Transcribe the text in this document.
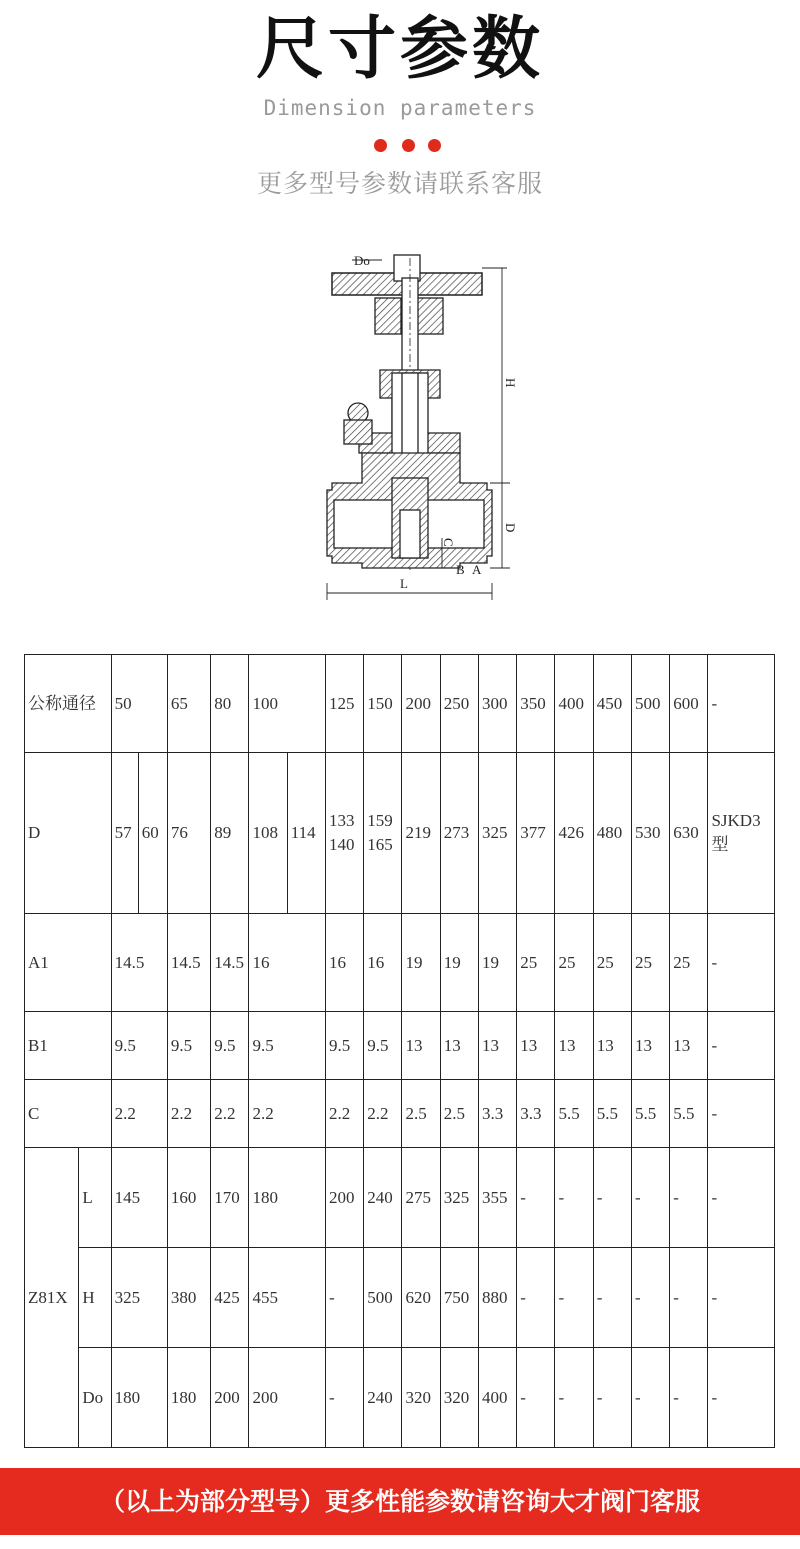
尺寸参数
Dimension parameters
更多型号参数请联系客服
Do
H
D
C
B A
L
公称通径		50		65	80	100		125	150	200	250	300	350	400	450	500	600	-
D		57	60	76	89	108	114	133 140	159 165	219	273	325	377	426	480	530	630	SJKD3型
A1		14.5		14.5	14.5	16		16	16	19	19	19	25	25	25	25	25	-
B1		9.5		9.5	9.5	9.5		9.5	9.5	13	13	13	13	13	13	13	13	-
C		2.2		2.2	2.2	2.2		2.2	2.2	2.5	2.5	3.3	3.3	5.5	5.5	5.5	5.5	-
Z81X	L	145		160	170	180		200	240	275	325	355	-	-	-	-	-	-
	H	325		380	425	455		-	500	620	750	880	-	-	-	-	-	-
	Do	180		180	200	200		-	240	320	320	400	-	-	-	-	-	-
（以上为部分型号）更多性能参数请咨询大才阀门客服
